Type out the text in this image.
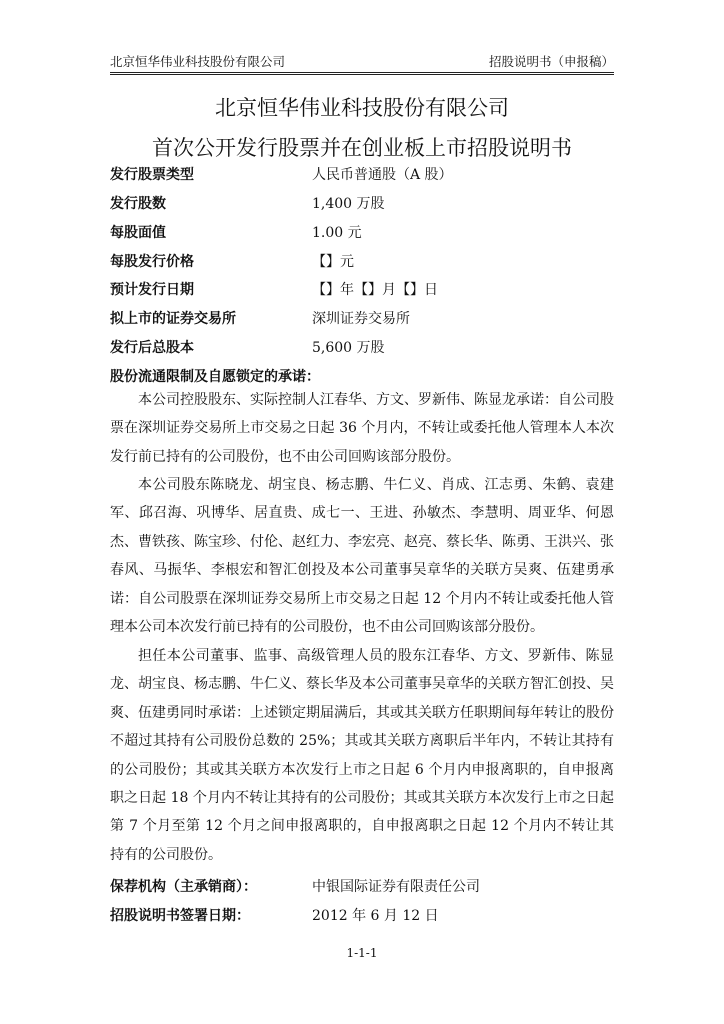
北京恒华伟业科技股份有限公司	招股说明书（申报稿）
北京恒华伟业科技股份有限公司
首次公开发行股票并在创业板上市招股说明书
发行股票类型	人民币普通股（A 股）
发行股数	1,400 万股
每股面值	1.00 元
每股发行价格	【】元
预计发行日期	【】年【】月【】日
拟上市的证券交易所	深圳证券交易所
发行后总股本	5,600 万股
股份流通限制及自愿锁定的承诺：

本公司控股股东、实际控制人江春华、方文、罗新伟、陈显龙承诺：自公司股票在深圳证券交易所上市交易之日起 36 个月内，不转让或委托他人管理本人本次发行前已持有的公司股份，也不由公司回购该部分股份。

本公司股东陈晓龙、胡宝良、杨志鹏、牛仁义、肖成、江志勇、朱鹤、袁建军、邱召海、巩博华、居直贵、成七一、王进、孙敏杰、李慧明、周亚华、何恩杰、曹铁孩、陈宝珍、付伦、赵红力、李宏亮、赵亮、蔡长华、陈勇、王洪兴、张春风、马振华、李根宏和智汇创投及本公司董事吴章华的关联方吴爽、伍建勇承诺：自公司股票在深圳证券交易所上市交易之日起 12 个月内不转让或委托他人管理本公司本次发行前已持有的公司股份，也不由公司回购该部分股份。

担任本公司董事、监事、高级管理人员的股东江春华、方文、罗新伟、陈显龙、胡宝良、杨志鹏、牛仁义、蔡长华及本公司董事吴章华的关联方智汇创投、吴爽、伍建勇同时承诺：上述锁定期届满后，其或其关联方任职期间每年转让的股份不超过其持有公司股份总数的 25%；其或其关联方离职后半年内，不转让其持有的公司股份；其或其关联方本次发行上市之日起 6 个月内申报离职的，自申报离职之日起 18 个月内不转让其持有的公司股份；其或其关联方本次发行上市之日起第 7 个月至第 12 个月之间申报离职的，自申报离职之日起 12 个月内不转让其持有的公司股份。

保荐机构（主承销商）：	中银国际证券有限责任公司
招股说明书签署日期：	2012 年 6 月 12 日
1-1-1
